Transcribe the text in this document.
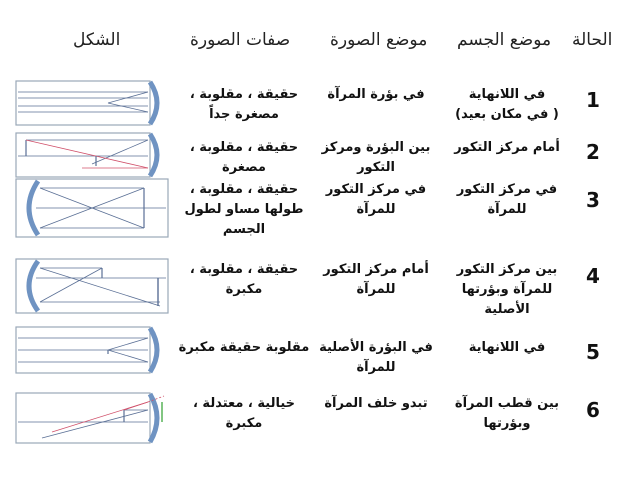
الحالة
موضع الجسم
موضع الصورة
صفات الصورة
الشكل
1
في اللانهاية
( في مكان بعيد)
في بؤرة المرآة
حقيقة ، مقلوبة ،
مصغرة جداً
2
أمام مركز التكور
بين البؤرة ومركز
التكور
حقيقة ، مقلوبة ،
مصغرة
3
في مركز التكور
للمرآة
في مركز التكور
للمرآة
حقيقة ، مقلوبة ،
طولها مساو لطول
الجسم
4
بين مركز التكور
للمرآة وبؤرتها
الأصلية
أمام مركز التكور
للمرآة
حقيقة ، مقلوبة ،
مكبرة
5
في اللانهاية
في البؤرة الأصلية
للمرآة
مقلوبة حقيقة مكبرة
6
بين قطب المرآة
وبؤرتها
تبدو خلف المرآة
خيالية ، معتدلة ،
مكبرة
